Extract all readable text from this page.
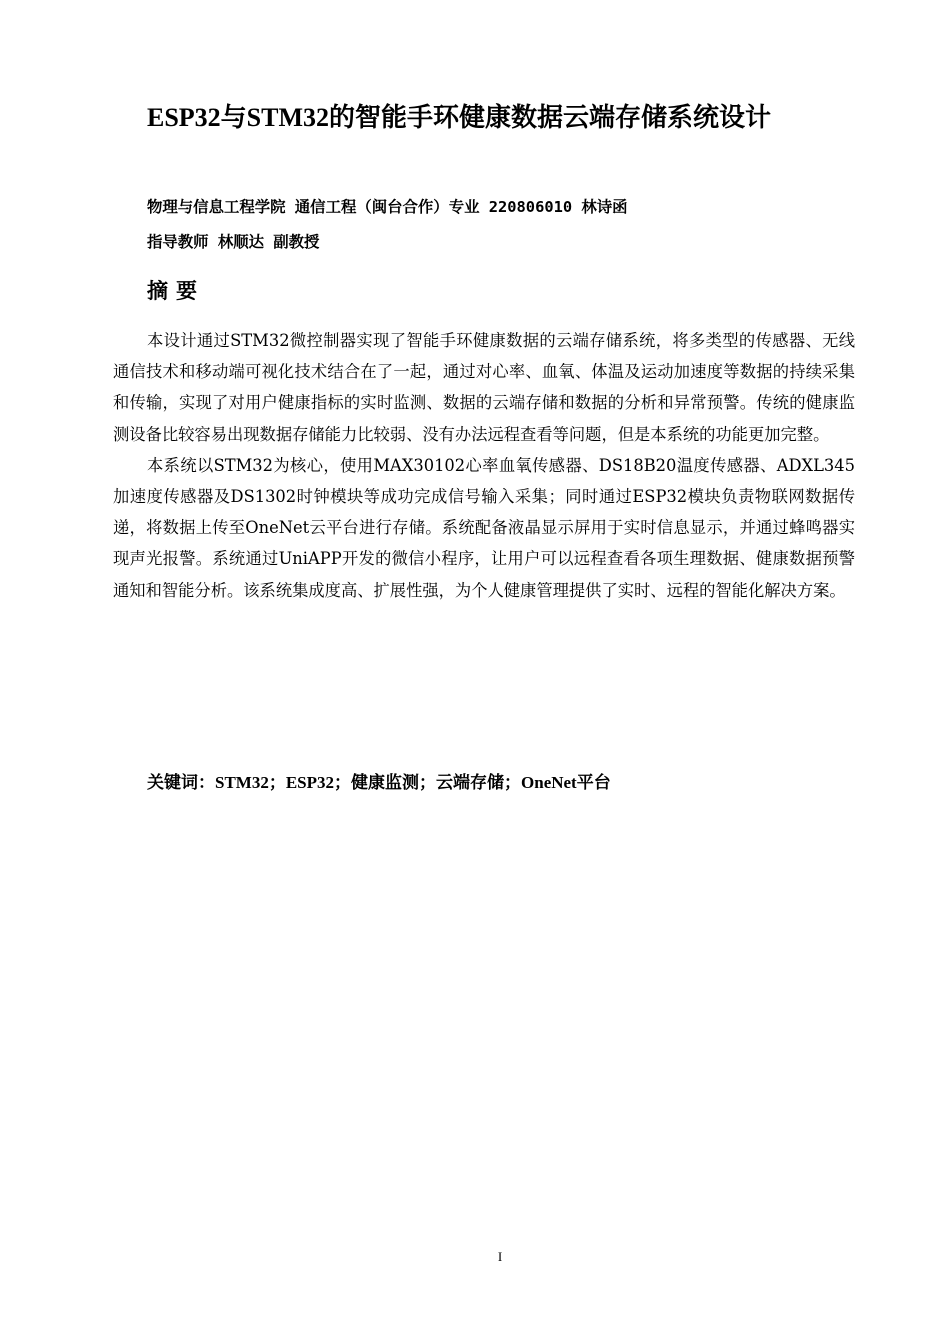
ESP32与STM32的智能手环健康数据云端存储系统设计
物理与信息工程学院 通信工程（闽台合作）专业 220806010 林诗函
指导教师 林顺达 副教授
摘要

本设计通过STM32微控制器实现了智能手环健康数据的云端存储系统，将多类型的传感器、无线通信技术和移动端可视化技术结合在了一起，通过对心率、血氧、体温及运动加速度等数据的持续采集和传输，实现了对用户健康指标的实时监测、数据的云端存储和数据的分析和异常预警。传统的健康监测设备比较容易出现数据存储能力比较弱、没有办法远程查看等问题，但是本系统的功能更加完整。

本系统以STM32为核心，使用MAX30102心率血氧传感器、DS18B20温度传感器、ADXL345加速度传感器及DS1302时钟模块等成功完成信号输入采集；同时通过ESP32模块负责物联网数据传递，将数据上传至OneNet云平台进行存储。系统配备液晶显示屏用于实时信息显示，并通过蜂鸣器实现声光报警。系统通过UniAPP开发的微信小程序，让用户可以远程查看各项生理数据、健康数据预警通知和智能分析。该系统集成度高、扩展性强，为个人健康管理提供了实时、远程的智能化解决方案。

关键词：STM32；ESP32；健康监测；云端存储；OneNet平台
I
